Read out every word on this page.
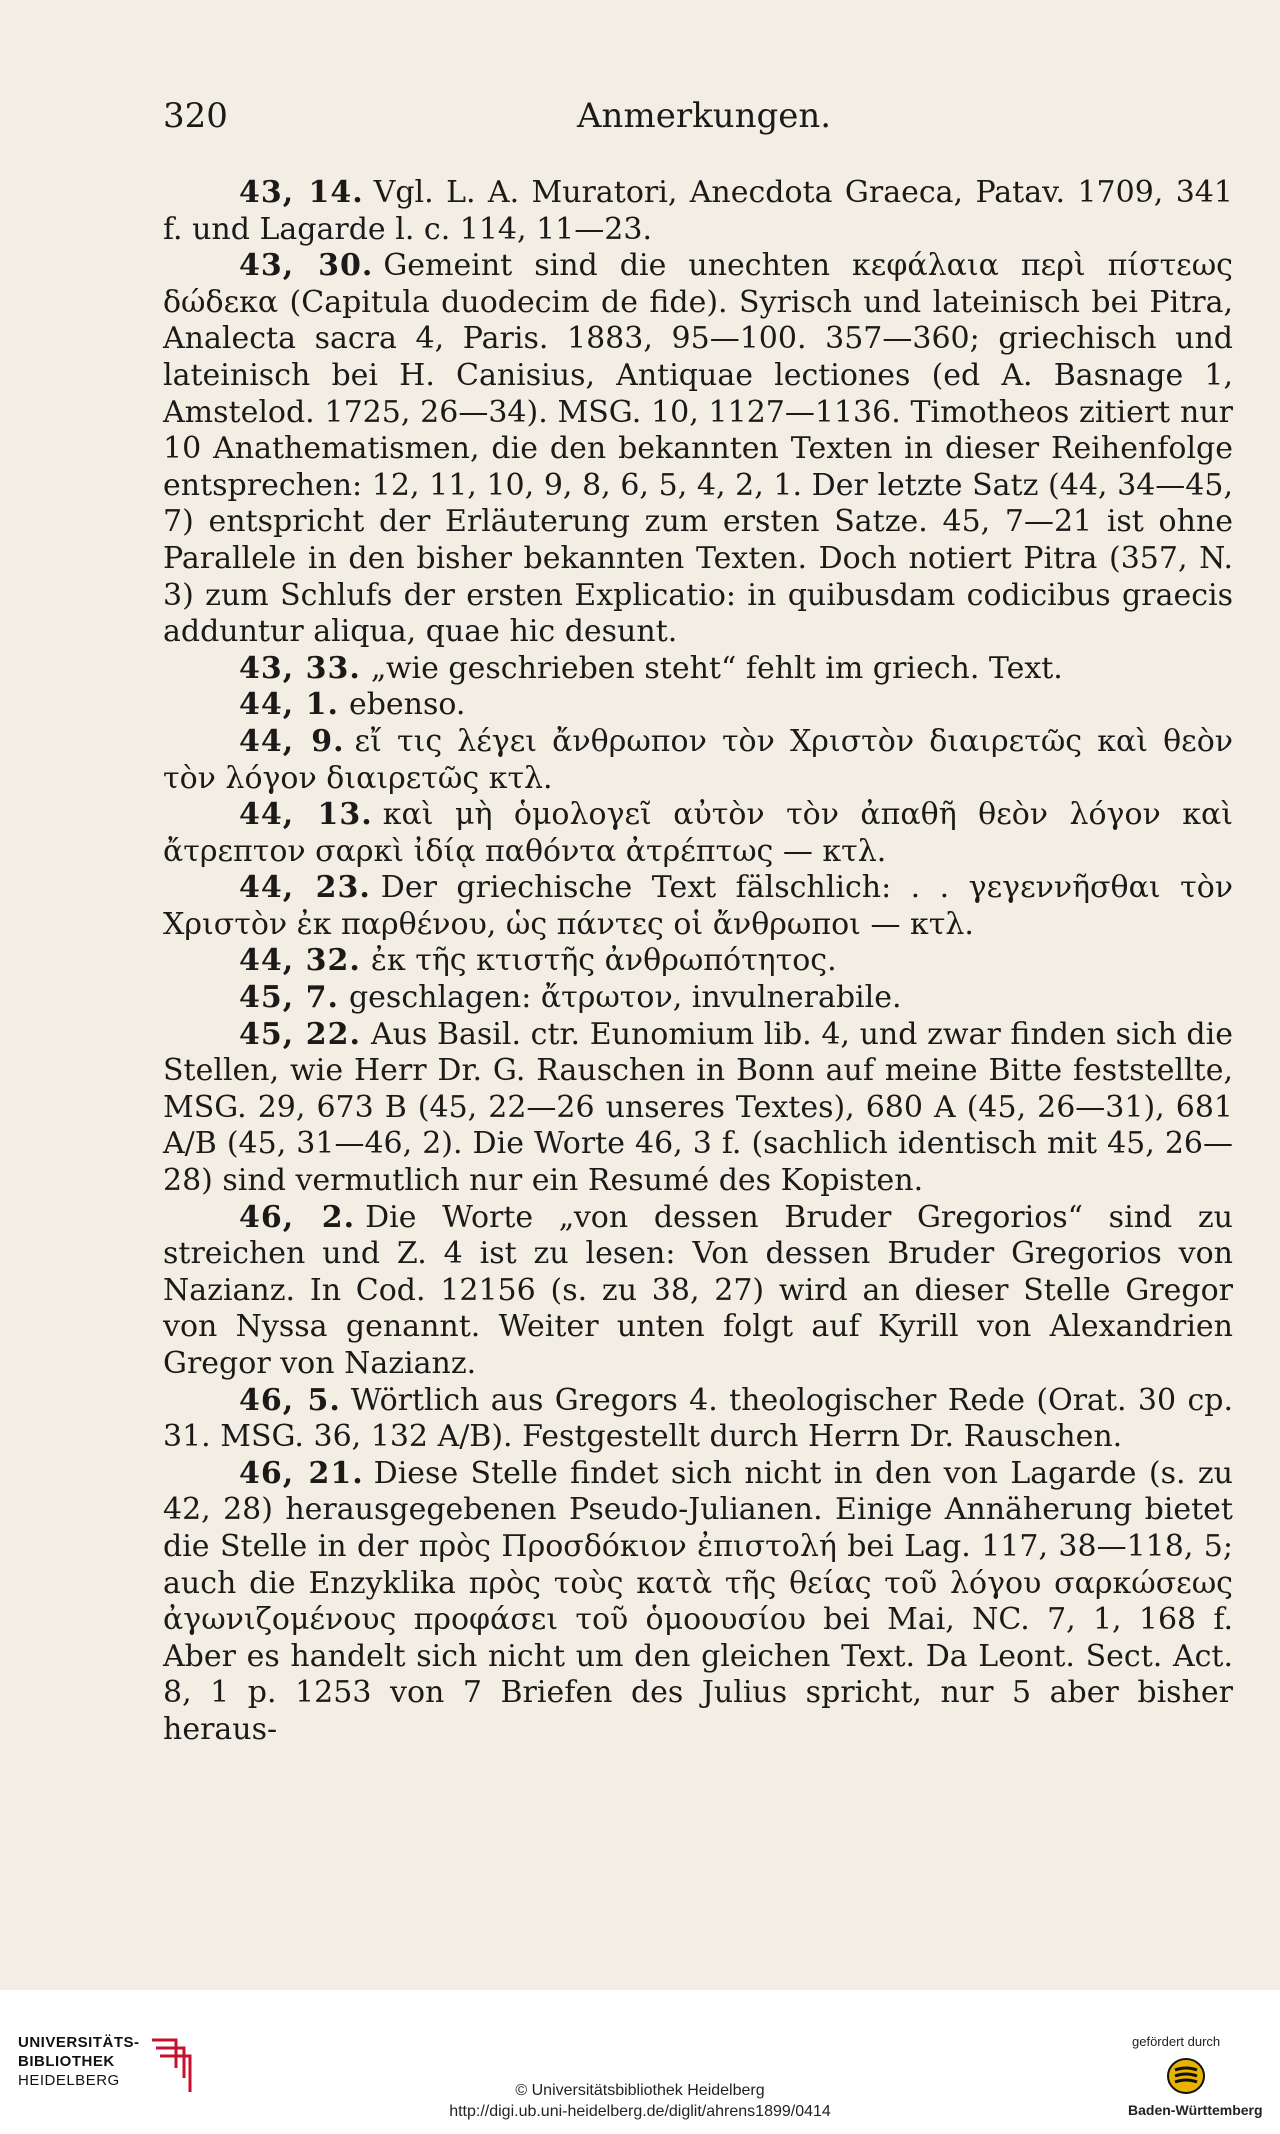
320	Anmerkungen.

43, 14. Vgl. L. A. Muratori, Anecdota Graeca, Patav. 1709, 341 f. und Lagarde l. c. 114, 11—23.

43, 30. Gemeint sind die unechten κεφάλαια περὶ πίστεως δώδεκα (Capitula duodecim de fide). Syrisch und lateinisch bei Pitra, Analecta sacra 4, Paris. 1883, 95—100. 357—360; griechisch und lateinisch bei H. Canisius, Antiquae lectiones (ed A. Basnage 1, Amstelod. 1725, 26—34). MSG. 10, 1127—1136. Timotheos zitiert nur 10 Anathematismen, die den bekannten Texten in dieser Reihenfolge entsprechen: 12, 11, 10, 9, 8, 6, 5, 4, 2, 1. Der letzte Satz (44, 34—45, 7) entspricht der Erläuterung zum ersten Satze. 45, 7—21 ist ohne Parallele in den bisher bekannten Texten. Doch notiert Pitra (357, N. 3) zum Schlufs der ersten Explicatio: in quibusdam codicibus graecis adduntur aliqua, quae hic desunt.

43, 33. „wie geschrieben steht“ fehlt im griech. Text.

44, 1. ebenso.

44, 9. εἴ τις λέγει ἄνθρωπον τὸν Χριστὸν διαιρετῶς καὶ θεὸν τὸν λόγον διαιρετῶς κτλ.

44, 13. καὶ μὴ ὁμολογεῖ αὐτὸν τὸν ἀπαθῆ θεὸν λόγον καὶ ἄτρεπτον σαρκὶ ἰδίᾳ παθόντα ἀτρέπτως — κτλ.

44, 23. Der griechische Text fälschlich: . . γεγεννῆσθαι τὸν Χριστὸν ἐκ παρθένου, ὡς πάντες οἱ ἄνθρωποι — κτλ.

44, 32. ἐκ τῆς κτιστῆς ἀνθρωπότητος.

45, 7. geschlagen: ἄτρωτον, invulnerabile.

45, 22. Aus Basil. ctr. Eunomium lib. 4, und zwar finden sich die Stellen, wie Herr Dr. G. Rauschen in Bonn auf meine Bitte feststellte, MSG. 29, 673 B (45, 22—26 unseres Textes), 680 A (45, 26—31), 681 A/B (45, 31—46, 2). Die Worte 46, 3 f. (sachlich identisch mit 45, 26—28) sind vermutlich nur ein Resumé des Kopisten.

46, 2. Die Worte „von dessen Bruder Gregorios“ sind zu streichen und Z. 4 ist zu lesen: Von dessen Bruder Gregorios von Nazianz. In Cod. 12156 (s. zu 38, 27) wird an dieser Stelle Gregor von Nyssa genannt. Weiter unten folgt auf Kyrill von Alexandrien Gregor von Nazianz.

46, 5. Wörtlich aus Gregors 4. theologischer Rede (Orat. 30 cp. 31. MSG. 36, 132 A/B). Festgestellt durch Herrn Dr. Rauschen.

46, 21. Diese Stelle findet sich nicht in den von Lagarde (s. zu 42, 28) herausgegebenen Pseudo-Julianen. Einige Annäherung bietet die Stelle in der πρὸς Προσδόκιον ἐπιστολή bei Lag. 117, 38—118, 5; auch die Enzyklika πρὸς τοὺς κατὰ τῆς θείας τοῦ λόγου σαρκώσεως ἀγωνιζομένους προφάσει τοῦ ὁμοουσίου bei Mai, NC. 7, 1, 168 f. Aber es handelt sich nicht um den gleichen Text. Da Leont. Sect. Act. 8, 1 p. 1253 von 7 Briefen des Julius spricht, nur 5 aber bisher heraus-

UNIVERSITÄTS-
BIBLIOTHEK
HEIDELBERG
© Universitätsbibliothek Heidelberg
http://digi.ub.uni-heidelberg.de/diglit/ahrens1899/0414
gefördert durch
Baden-Württemberg
